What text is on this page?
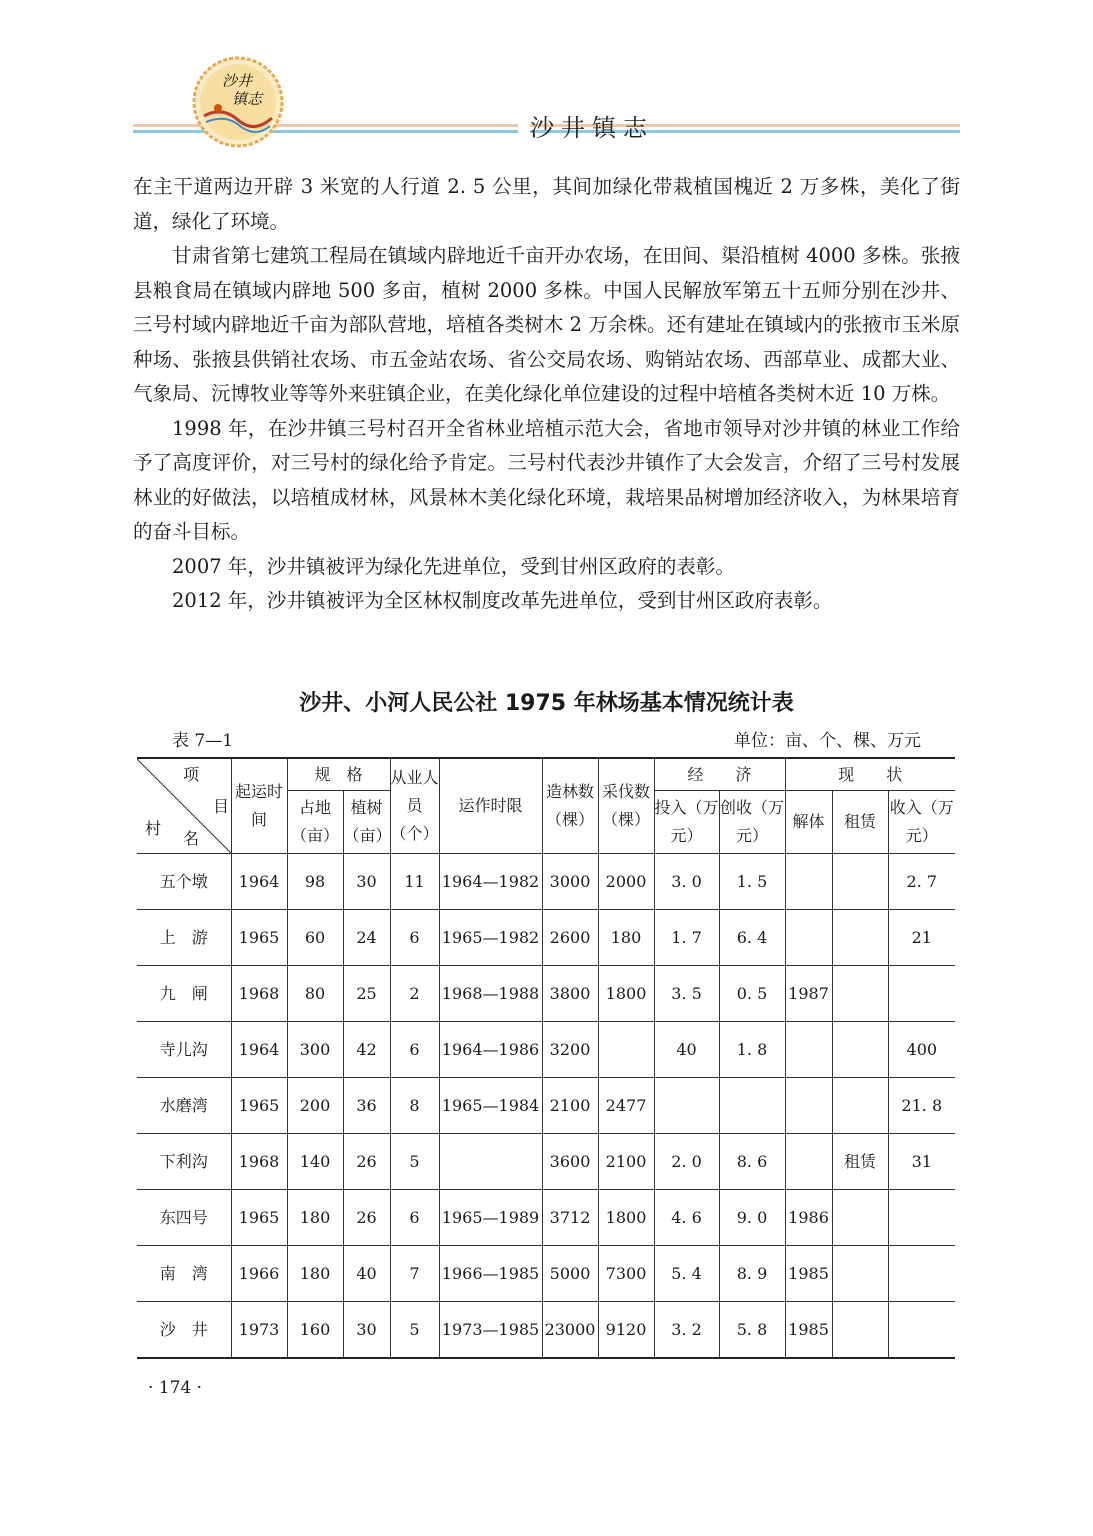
沙井
镇志
沙井镇志

在主干道两边开辟 3 米宽的人行道 2. 5 公里，其间加绿化带栽植国槐近 2 万多株，美化了街道，绿化了环境。

甘肃省第七建筑工程局在镇域内辟地近千亩开办农场，在田间、渠沿植树 4000 多株。张掖县粮食局在镇域内辟地 500 多亩，植树 2000 多株。中国人民解放军第五十五师分别在沙井、三号村域内辟地近千亩为部队营地，培植各类树木 2 万余株。还有建址在镇域内的张掖市玉米原种场、张掖县供销社农场、市五金站农场、省公交局农场、购销站农场、西部草业、成都大业、气象局、沅博牧业等等外来驻镇企业，在美化绿化单位建设的过程中培植各类树木近 10 万株。

1998 年，在沙井镇三号村召开全省林业培植示范大会，省地市领导对沙井镇的林业工作给予了高度评价，对三号村的绿化给予肯定。三号村代表沙井镇作了大会发言，介绍了三号村发展林业的好做法，以培植成材林，风景林木美化绿化环境，栽培果品树增加经济收入，为林果培育的奋斗目标。

2007 年，沙井镇被评为绿化先进单位，受到甘州区政府的表彰。

2012 年，沙井镇被评为全区林权制度改革先进单位，受到甘州区政府表彰。

沙井、小河人民公社 1975 年林场基本情况统计表
表 7—1	单位：亩、个、棵、万元
项
目
村
名	起运时间	规　格		从业人员（个）	运作时限	造林数（棵）	采伐数（棵）	经　　济		现　　状		
		占地（亩）	植树（亩）					投入（万元）	创收（万元）	解体	租赁	收入（万元）
五个墩	1964	98	30	11	1964—1982	3000	2000	3. 0	1. 5			2. 7
上　游	1965	60	24	6	1965—1982	2600	180	1. 7	6. 4			21
九　闸	1968	80	25	2	1968—1988	3800	1800	3. 5	0. 5	1987		
寺儿沟	1964	300	42	6	1964—1986	3200		40	1. 8			400
水磨湾	1965	200	36	8	1965—1984	2100	2477					21. 8
下利沟	1968	140	26	5		3600	2100	2. 0	8. 6		租赁	31
东四号	1965	180	26	6	1965—1989	3712	1800	4. 6	9. 0	1986		
南　湾	1966	180	40	7	1966—1985	5000	7300	5. 4	8. 9	1985		
沙　井	1973	160	30	5	1973—1985	23000	9120	3. 2	5. 8	1985		
· 174 ·
